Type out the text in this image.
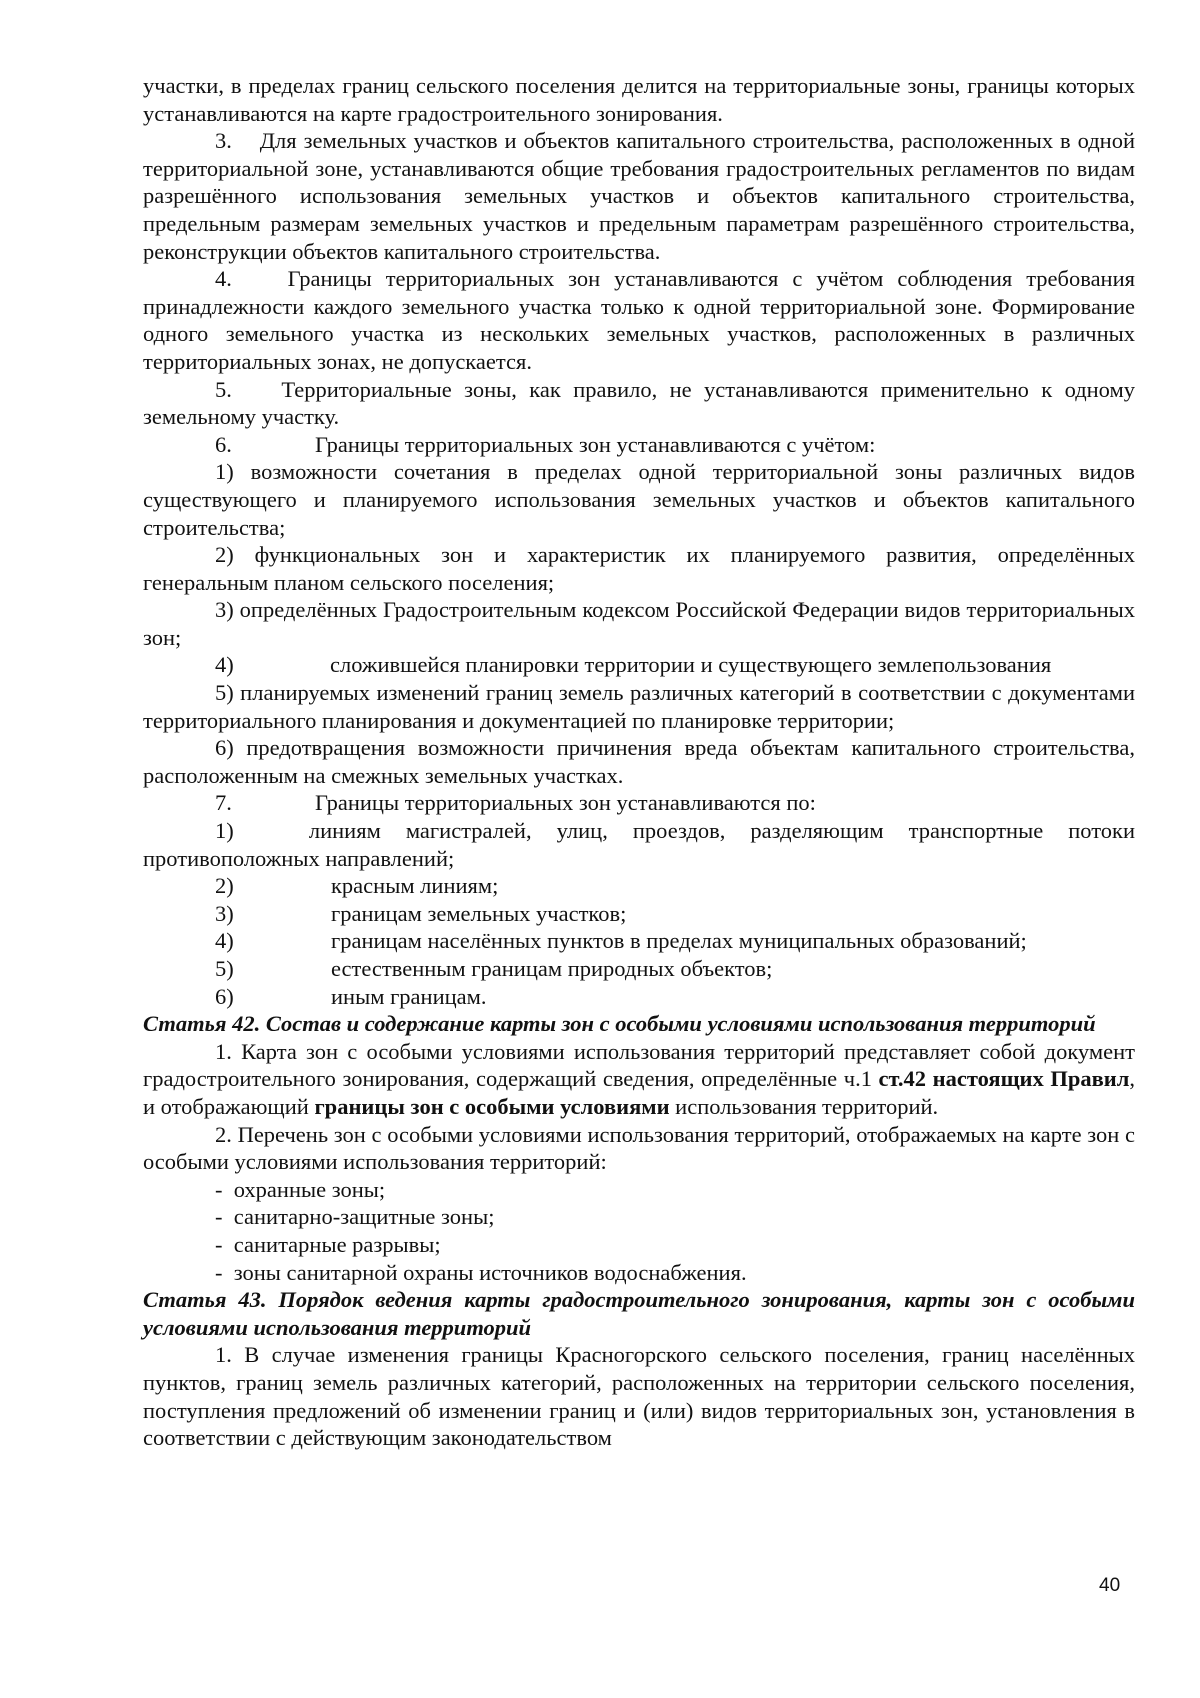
участки, в пределах границ сельского поселения делится на территориальные зоны, границы которых устанавливаются на карте градостроительного зонирования.

3.    Для земельных участков и объектов капитального строительства, расположенных в одной территориальной зоне, устанавливаются общие требования градостроительных регламентов по видам разрешённого использования земельных участков и объектов капитального строительства, предельным размерам земельных участков и предельным параметрам разрешённого строительства, реконструкции объектов капитального строительства.

4.    Границы территориальных зон устанавливаются с учётом соблюдения требования принадлежности каждого земельного участка только к одной территориальной зоне. Формирование одного земельного участка из нескольких земельных участков, расположенных в различных территориальных зонах, не допускается.

5.    Территориальные зоны, как правило, не устанавливаются применительно к одному земельному участку.

6.	Границы территориальных зон устанавливаются с учётом:

1) возможности сочетания в пределах одной территориальной зоны различных видов существующего и планируемого использования земельных участков и объектов капитального строительства;

2) функциональных зон и характеристик их планируемого развития, определённых генеральным планом сельского поселения;

3) определённых Градостроительным кодексом Российской Федерации видов территориальных зон;

4)	сложившейся планировки территории и существующего землепользования

5) планируемых изменений границ земель различных категорий в соответствии с документами территориального планирования и документацией по планировке территории;

6) предотвращения возможности причинения вреда объектам капитального строительства, расположенным на смежных земельных участках.

7.	Границы территориальных зон устанавливаются по:

1)   линиям магистралей, улиц, проездов, разделяющим транспортные потоки противоположных направлений;

2)	красным линиям;

3)	границам земельных участков;

4)	границам населённых пунктов в пределах муниципальных образований;

5)	естественным границам природных объектов;

6)	иным границам.

Статья 42. Состав и содержание карты зон с особыми условиями использования территорий

1. Карта зон с особыми условиями использования территорий представляет собой документ градостроительного зонирования, содержащий сведения, определённые ч.1 ст.42 настоящих Правил, и отображающий границы зон с особыми условиями использования территорий.

2. Перечень зон с особыми условиями использования территорий, отображаемых на карте зон с особыми условиями использования территорий:

-  охранные зоны;

-  санитарно-защитные зоны;

-  санитарные разрывы;

-  зоны санитарной охраны источников водоснабжения.

Статья 43. Порядок ведения карты градостроительного зонирования, карты зон с особыми условиями использования территорий

1. В случае изменения границы Красногорского сельского поселения, границ населённых пунктов, границ земель различных категорий, расположенных на территории сельского поселения, поступления предложений об изменении границ и (или) видов территориальных зон, установления в соответствии с действующим законодательством

40
